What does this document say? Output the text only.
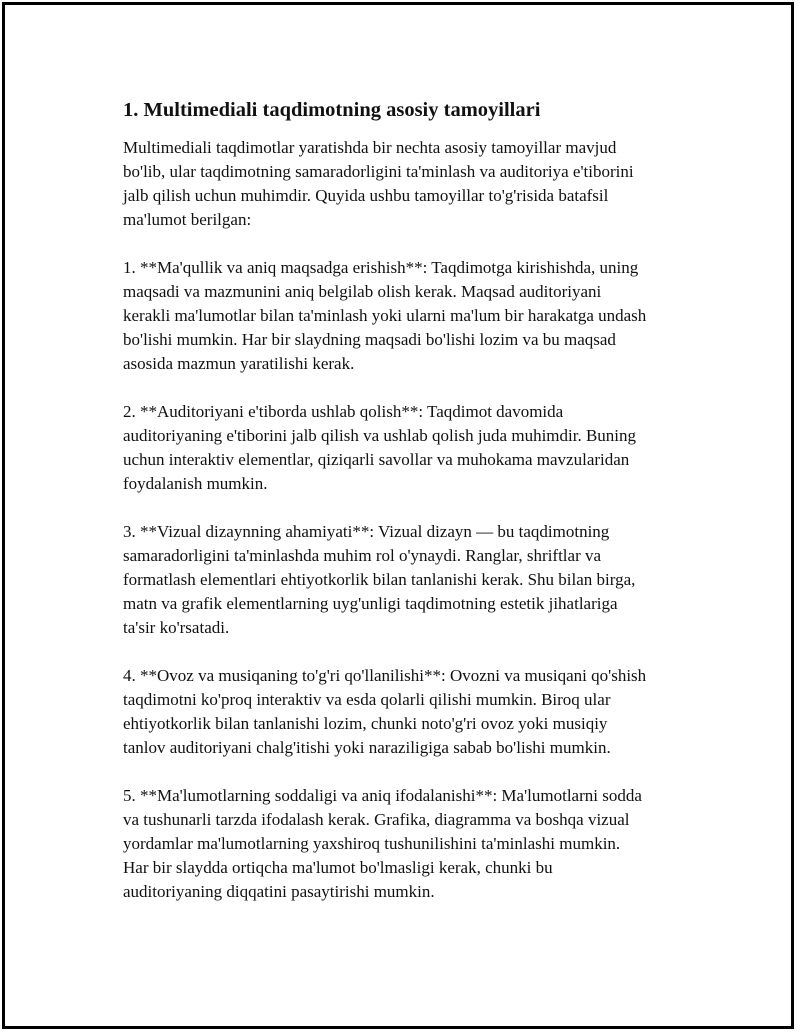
1. Multimediali taqdimotning asosiy tamoyillari

Multimediali taqdimotlar yaratishda bir nechta asosiy tamoyillar mavjud
bo'lib, ular taqdimotning samaradorligini ta'minlash va auditoriya e'tiborini
jalb qilish uchun muhimdir. Quyida ushbu tamoyillar to'g'risida batafsil
ma'lumot berilgan:

1. **Ma'qullik va aniq maqsadga erishish**: Taqdimotga kirishishda, uning
maqsadi va mazmunini aniq belgilab olish kerak. Maqsad auditoriyani
kerakli ma'lumotlar bilan ta'minlash yoki ularni ma'lum bir harakatga undash
bo'lishi mumkin. Har bir slaydning maqsadi bo'lishi lozim va bu maqsad
asosida mazmun yaratilishi kerak.

2. **Auditoriyani e'tiborda ushlab qolish**: Taqdimot davomida
auditoriyaning e'tiborini jalb qilish va ushlab qolish juda muhimdir. Buning
uchun interaktiv elementlar, qiziqarli savollar va muhokama mavzularidan
foydalanish mumkin.

3. **Vizual dizaynning ahamiyati**: Vizual dizayn — bu taqdimotning
samaradorligini ta'minlashda muhim rol o'ynaydi. Ranglar, shriftlar va
formatlash elementlari ehtiyotkorlik bilan tanlanishi kerak. Shu bilan birga,
matn va grafik elementlarning uyg'unligi taqdimotning estetik jihatlariga
ta'sir ko'rsatadi.

4. **Ovoz va musiqaning to'g'ri qo'llanilishi**: Ovozni va musiqani qo'shish
taqdimotni ko'proq interaktiv va esda qolarli qilishi mumkin. Biroq ular
ehtiyotkorlik bilan tanlanishi lozim, chunki noto'g'ri ovoz yoki musiqiy
tanlov auditoriyani chalg'itishi yoki naraziligiga sabab bo'lishi mumkin.

5. **Ma'lumotlarning soddaligi va aniq ifodalanishi**: Ma'lumotlarni sodda
va tushunarli tarzda ifodalash kerak. Grafika, diagramma va boshqa vizual
yordamlar ma'lumotlarning yaxshiroq tushunilishini ta'minlashi mumkin.
Har bir slaydda ortiqcha ma'lumot bo'lmasligi kerak, chunki bu
auditoriyaning diqqatini pasaytirishi mumkin.
